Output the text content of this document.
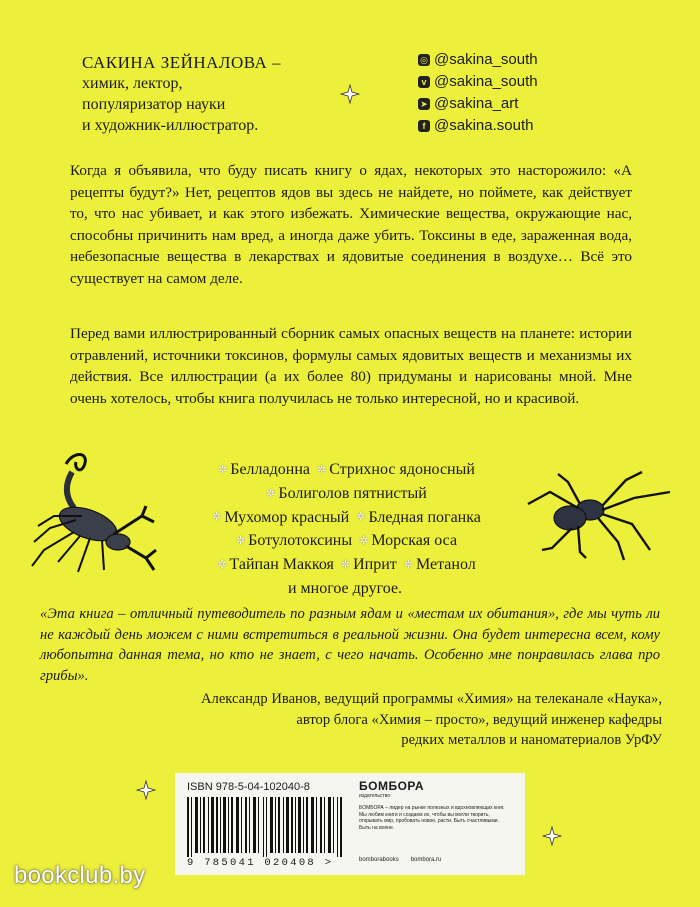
САКИНА ЗЕЙНАЛОВА –
химик, лектор,
популяризатор науки
и художник-иллюстратор.
◎ @sakina_south
v @sakina_south
➤ @sakina_art
f @sakina.south
Когда я объявила, что буду писать книгу о ядах, некоторых это насторожило: «А рецепты будут?» Нет, рецептов ядов вы здесь не найдете, но поймете, как действует то, что нас убивает, и как этого избежать. Химические вещества, окружающие нас, способны причинить нам вред, а иногда даже убить. Токсины в еде, зараженная вода, небезопасные вещества в лекарствах и ядовитые соединения в воздухе… Всё это существует на самом деле.
Перед вами иллюстрированный сборник самых опасных веществ на планете: истории отравлений, источники токсинов, формулы самых ядовитых веществ и механизмы их действия. Все иллюстрации (а их более 80) придуманы и нарисованы мной. Мне очень хотелось, чтобы книга получилась не только интересной, но и красивой.
✲ Белладонна ✲ Стрихнос ядоносный
✲ Болиголов пятнистый
✲ Мухомор красный ✲ Бледная поганка
✲ Ботулотоксины ✲ Морская оса
✲ Тайпан Маккоя ✲ Иприт ✲ Метанол
и многое другое.
«Эта книга – отличный путеводитель по разным ядам и «местам их обитания», где мы чуть ли не каждый день можем с ними встретиться в реальной жизни. Она будет интересна всем, кому любопытна данная тема, но кто не знает, с чего начать. Особенно мне понравилась глава про грибы».
Александр Иванов, ведущий программы «Химия» на телеканале «Наука»,
автор блога «Химия – просто», ведущий инженер кафедры
редких металлов и наноматериалов УрФУ
ISBN 978-5-04-102040-8
9 785041 020408 >
БОМБОРА
издательство
БОМБОРА – лидер на рынке полезных и вдохновляющих книг. Мы любим книги и создаем их, чтобы вы могли творить, открывать мир, пробовать новое, расти. Быть счастливыми. Быть на волне.
bomborabooks bombora.ru
bookclub.by
